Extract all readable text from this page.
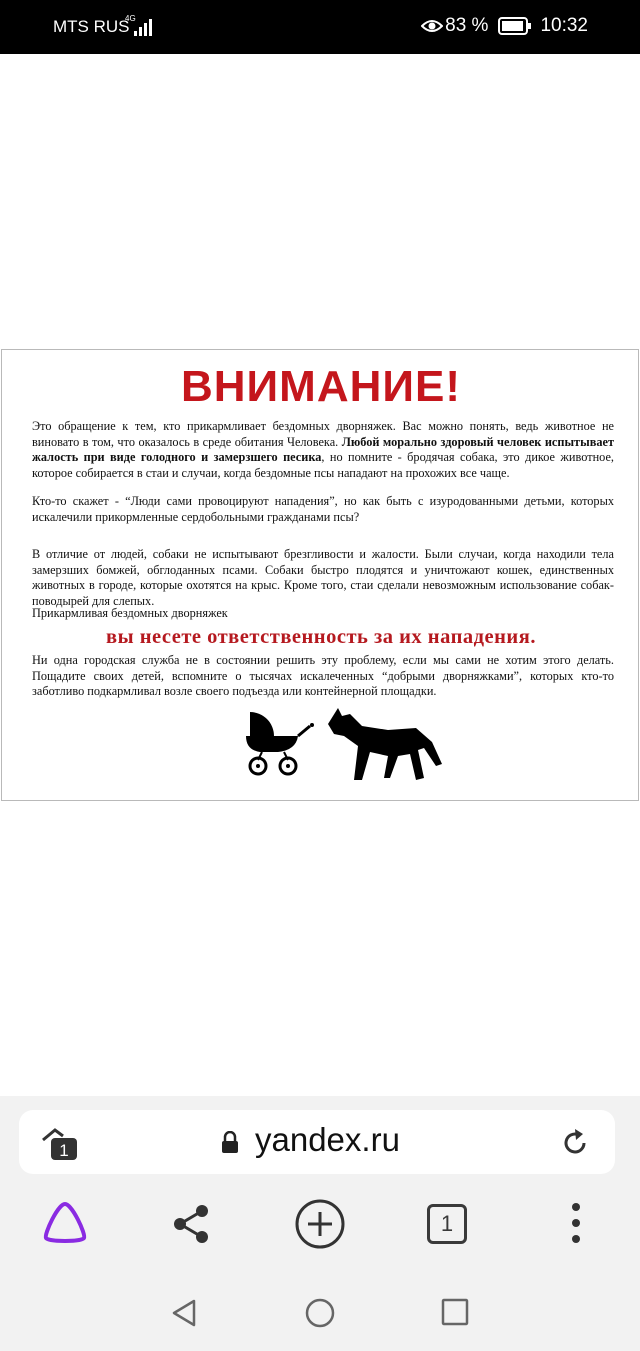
MTS RUS
4G	83 %	10:32
ВНИМАНИЕ!
Это обращение к тем, кто прикармливает бездомных дворняжек. Вас можно понять, ведь животное не виновато в том, что оказалось в среде обитания Человека. Любой морально здоровый человек испытывает жалость при виде голодного и замерзшего песика, но помните - бродячая собака, это дикое животное, которое собирается в стаи и случаи, когда бездомные псы нападают на прохожих все чаще.
Кто-то скажет - “Люди сами провоцируют нападения”, но как быть с изуродованными детьми, которых искалечили прикормленные сердобольными гражданами псы?
В отличие от людей, собаки не испытывают брезгливости и жалости. Были случаи, когда находили тела замерзших бомжей, обглоданных псами. Собаки быстро плодятся и уничтожают кошек, единственных животных в городе, которые охотятся на крыс. Кроме того, стаи сделали невозможным использование собак-поводырей для слепых.
Прикармливая бездомных дворняжек
вы несете ответственность за их нападения.
Ни одна городская служба не в состоянии решить эту проблему, если мы сами не хотим этого делать. Пощадите своих детей, вспомните о тысячах искалеченных “добрыми дворняжками”, которых кто-то заботливо подкармливал возле своего подъезда или контейнерной площадки.
1	yandex.ru
1
